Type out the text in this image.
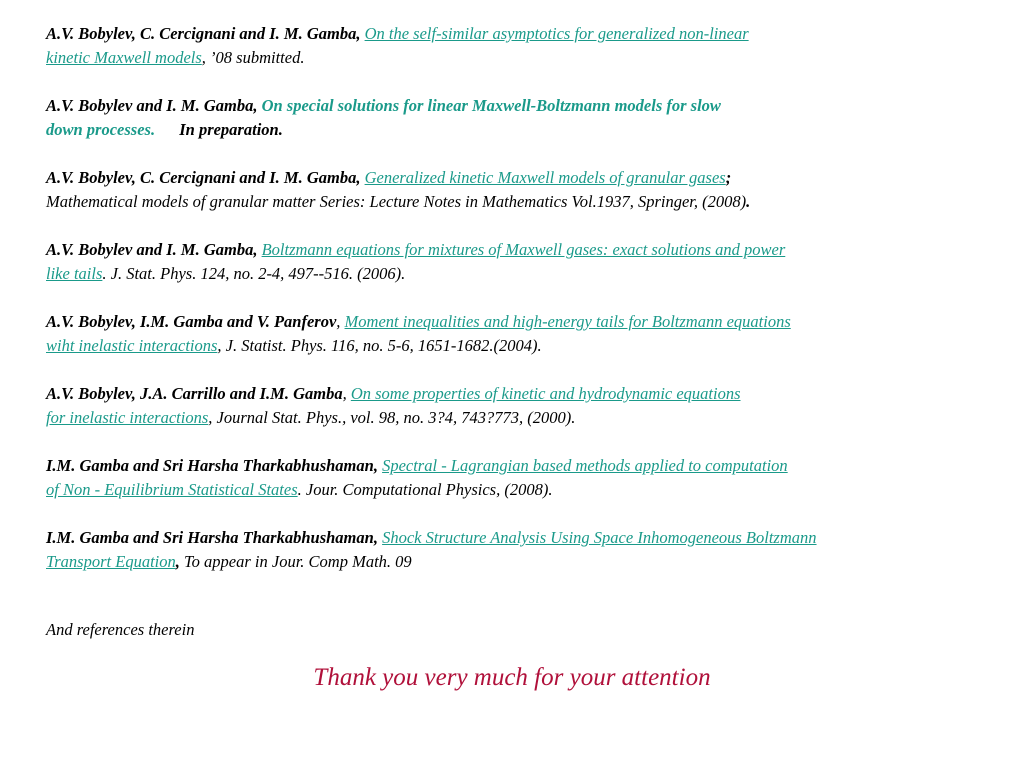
A.V. Bobylev, C. Cercignani and I. M. Gamba, On the self-similar asymptotics for generalized non-linear
kinetic Maxwell models, ’08 submitted.
A.V. Bobylev and I. M. Gamba, On special solutions for linear Maxwell-Boltzmann models for slow
down processes. In preparation.
A.V. Bobylev, C. Cercignani and I. M. Gamba, Generalized kinetic Maxwell models of granular gases;
Mathematical models of granular matter Series: Lecture Notes in Mathematics Vol.1937, Springer, (2008).
A.V. Bobylev and I. M. Gamba, Boltzmann equations for mixtures of Maxwell gases: exact solutions and power
like tails. J. Stat. Phys. 124, no. 2-4, 497--516. (2006).
A.V. Bobylev, I.M. Gamba and V. Panferov, Moment inequalities and high-energy tails for Boltzmann equations
wiht inelastic interactions, J. Statist. Phys. 116, no. 5-6, 1651-1682.(2004).
A.V. Bobylev, J.A. Carrillo and I.M. Gamba, On some properties of kinetic and hydrodynamic equations
for inelastic interactions, Journal Stat. Phys., vol. 98, no. 3?4, 743?773, (2000).
I.M. Gamba and Sri Harsha Tharkabhushaman, Spectral - Lagrangian based methods applied to computation
of Non - Equilibrium Statistical States. Jour. Computational Physics, (2008).
I.M. Gamba and Sri Harsha Tharkabhushaman, Shock Structure Analysis Using Space Inhomogeneous Boltzmann
Transport Equation, To appear in Jour. Comp Math. 09
And references therein
Thank you very much for your attention
